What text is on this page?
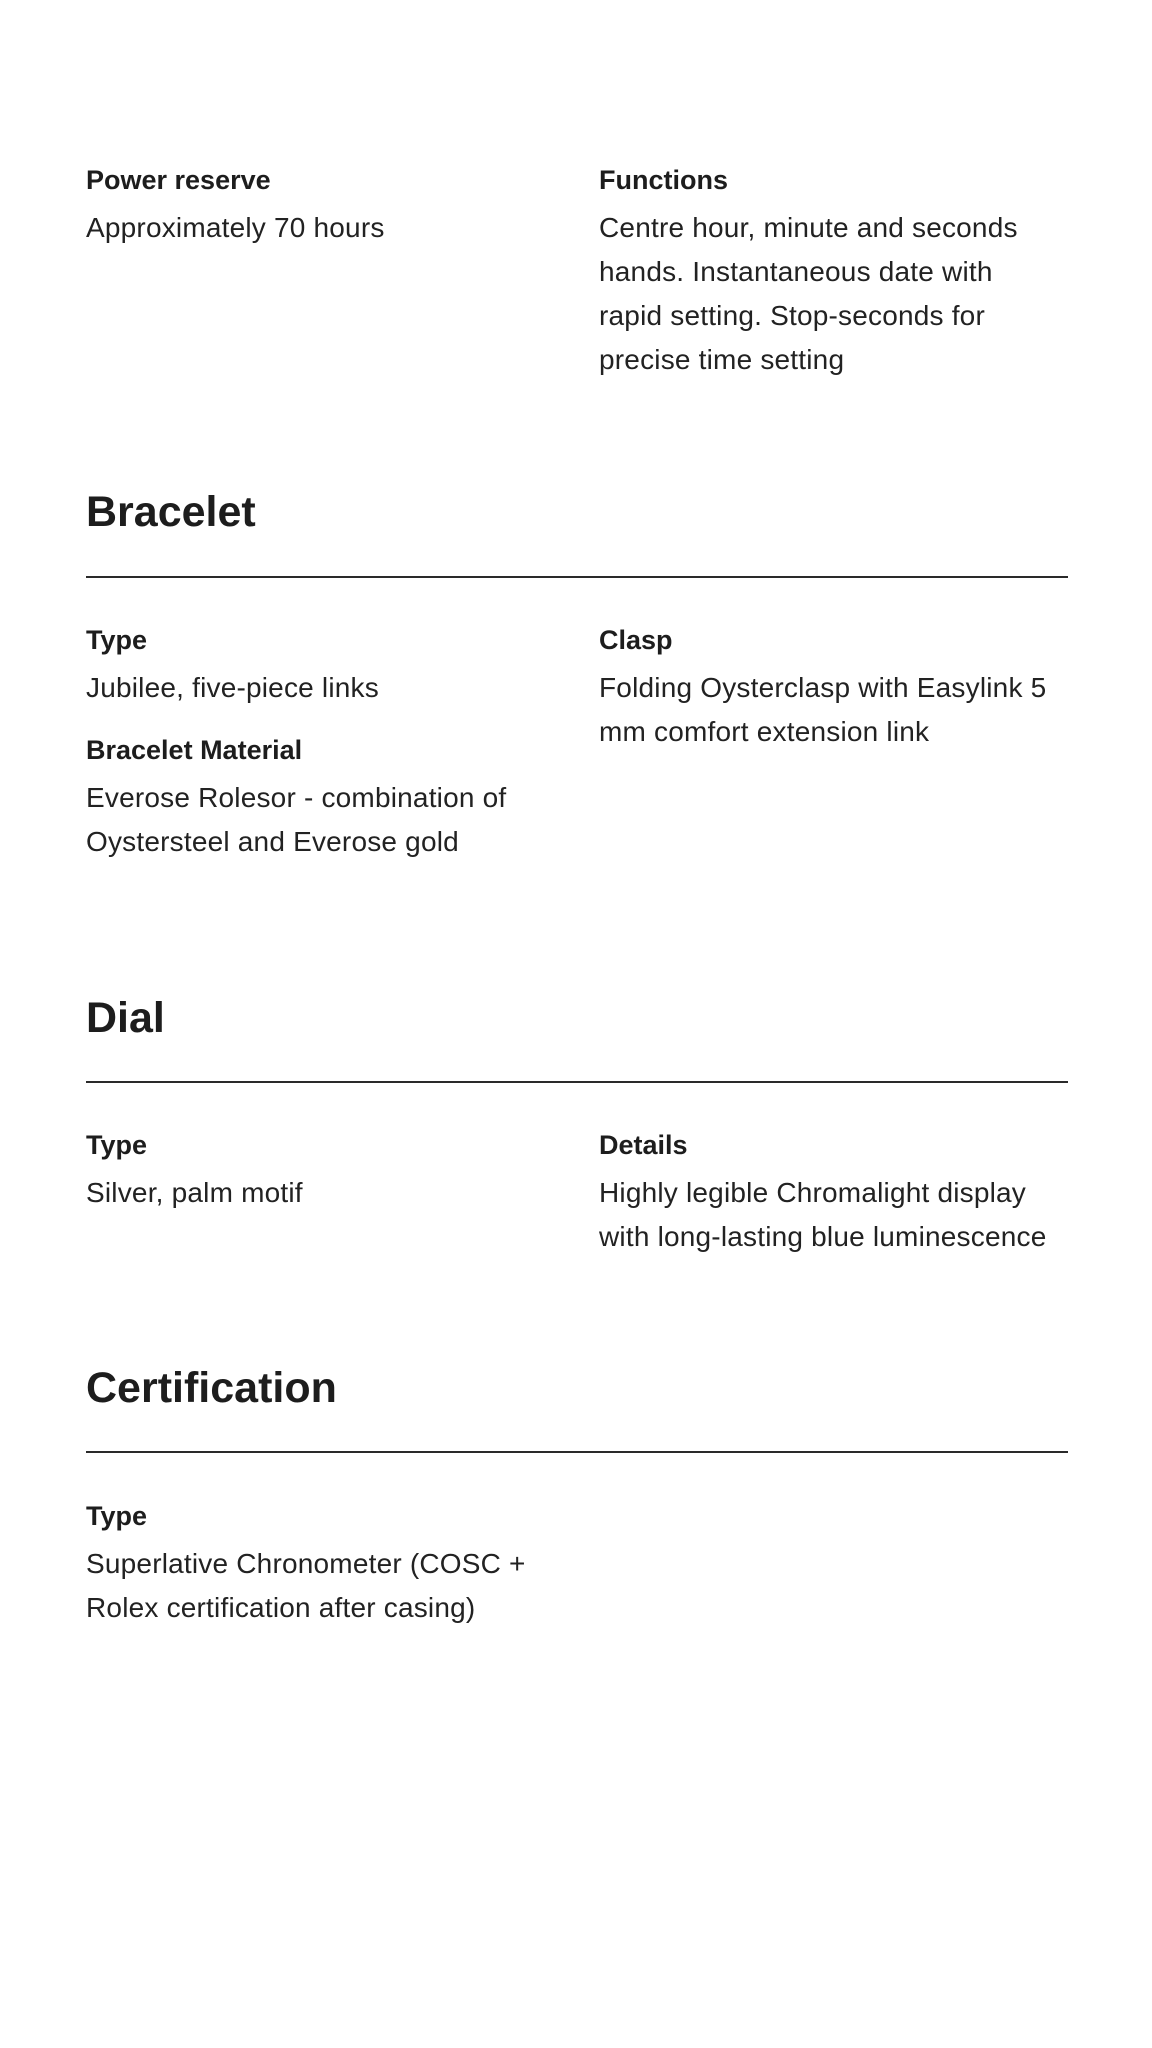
Power reserve

Approximately 70 hours

Functions

Centre hour, minute and seconds hands. Instantaneous date with rapid setting. Stop-seconds for precise time setting

Bracelet

Type

Jubilee, five-piece links

Bracelet Material

Everose Rolesor - combination of Oystersteel and Everose gold

Clasp

Folding Oysterclasp with Easylink 5 mm comfort extension link

Dial

Type

Silver, palm motif

Details

Highly legible Chromalight display with long-lasting blue luminescence

Certification

Type

Superlative Chronometer (COSC + Rolex certification after casing)
